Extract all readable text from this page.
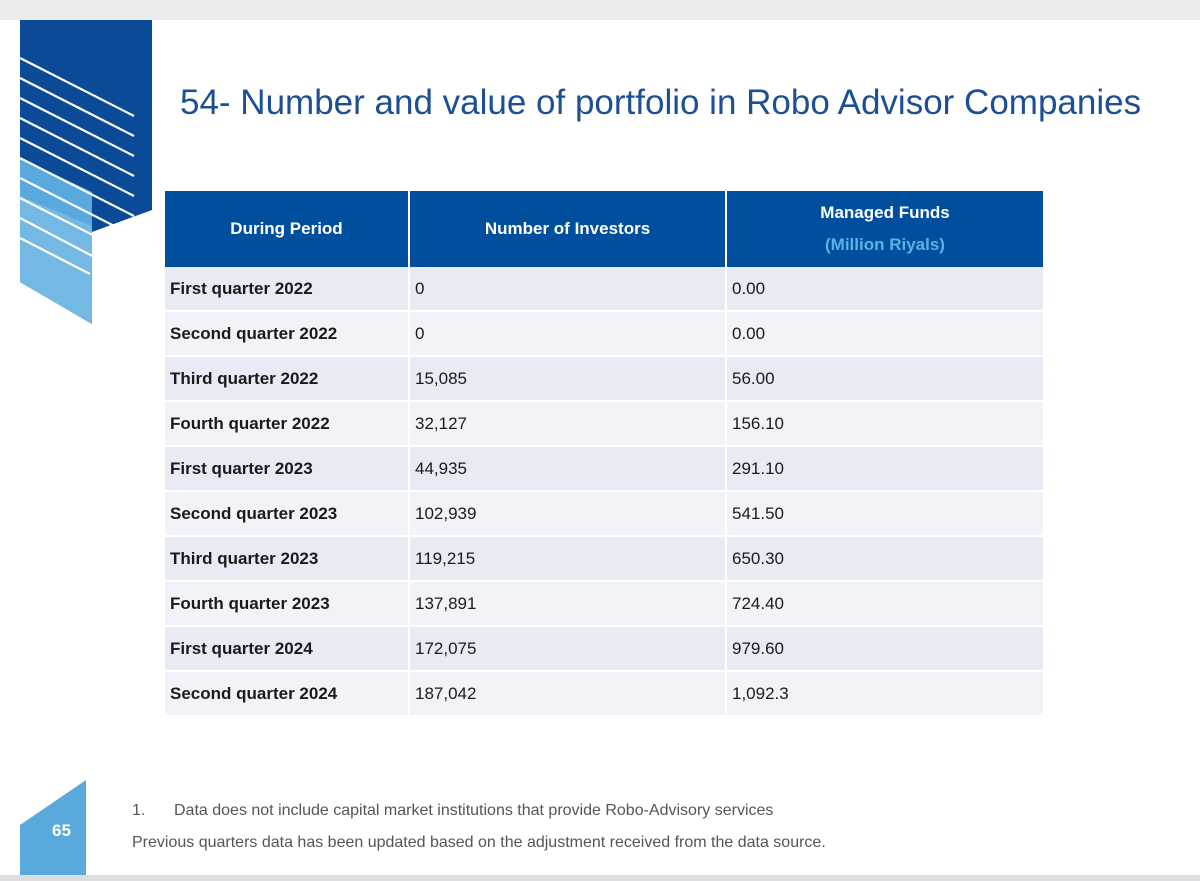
54- Number and value of portfolio in Robo Advisor Companies
During Period	Number of Investors	Managed Funds
(Million Riyals)

First quarter 2022	0	0.00
Second quarter 2022	0	0.00
Third quarter 2022	15,085	56.00
Fourth quarter 2022	32,127	156.10
First quarter 2023	44,935	291.10
Second quarter 2023	102,939	541.50
Third quarter 2023	119,215	650.30
Fourth quarter 2023	137,891	724.40
First quarter 2024	172,075	979.60
Second quarter 2024	187,042	1,092.3
1. Data does not include capital market institutions that provide Robo-Advisory services
Previous quarters data has been updated based on the adjustment received from the data source.
65
